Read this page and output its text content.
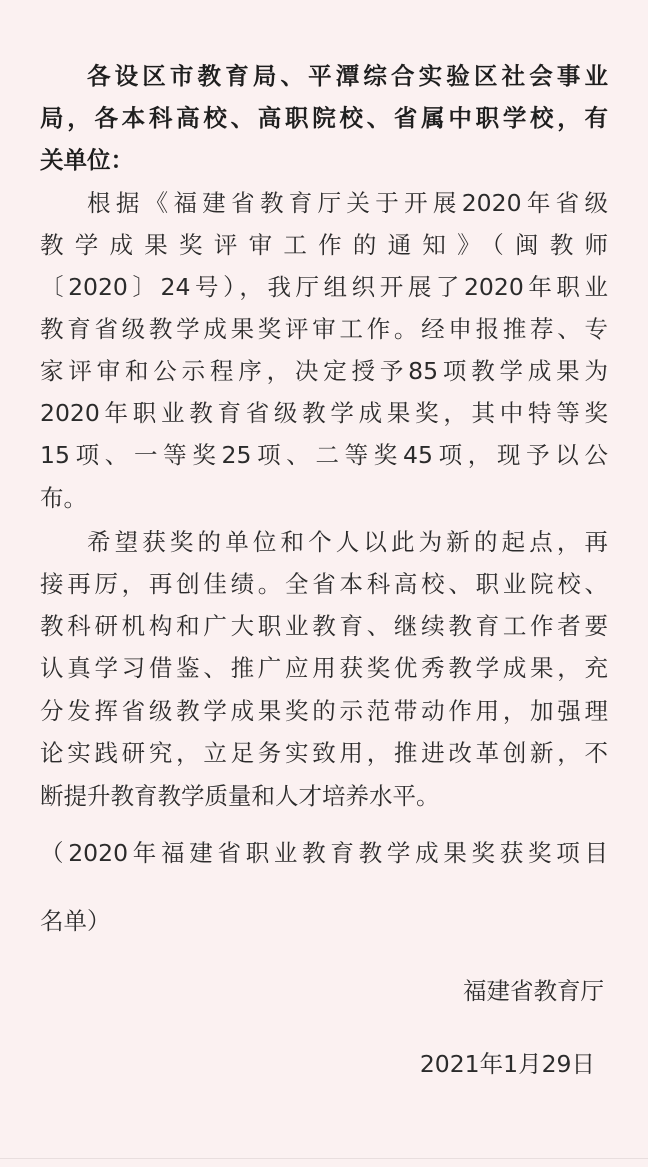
各设区市教育局、平潭综合实验区社会事业
局，各本科高校、高职院校、省属中职学校，有
关单位：
根据《福建省教育厅关于开展2020年省级
教学成果奖评审工作的通知》（闽教师
〔2020〕24号），我厅组织开展了2020年职业
教育省级教学成果奖评审工作。经申报推荐、专
家评审和公示程序，决定授予85项教学成果为
2020年职业教育省级教学成果奖，其中特等奖
15项、一等奖25项、二等奖45项，现予以公
布。
希望获奖的单位和个人以此为新的起点，再
接再厉，再创佳绩。全省本科高校、职业院校、
教科研机构和广大职业教育、继续教育工作者要
认真学习借鉴、推广应用获奖优秀教学成果，充
分发挥省级教学成果奖的示范带动作用，加强理
论实践研究，立足务实致用，推进改革创新，不
断提升教育教学质量和人才培养水平。
（2020年福建省职业教育教学成果奖获奖项目
名单）
福建省教育厅
2021年1月29日
